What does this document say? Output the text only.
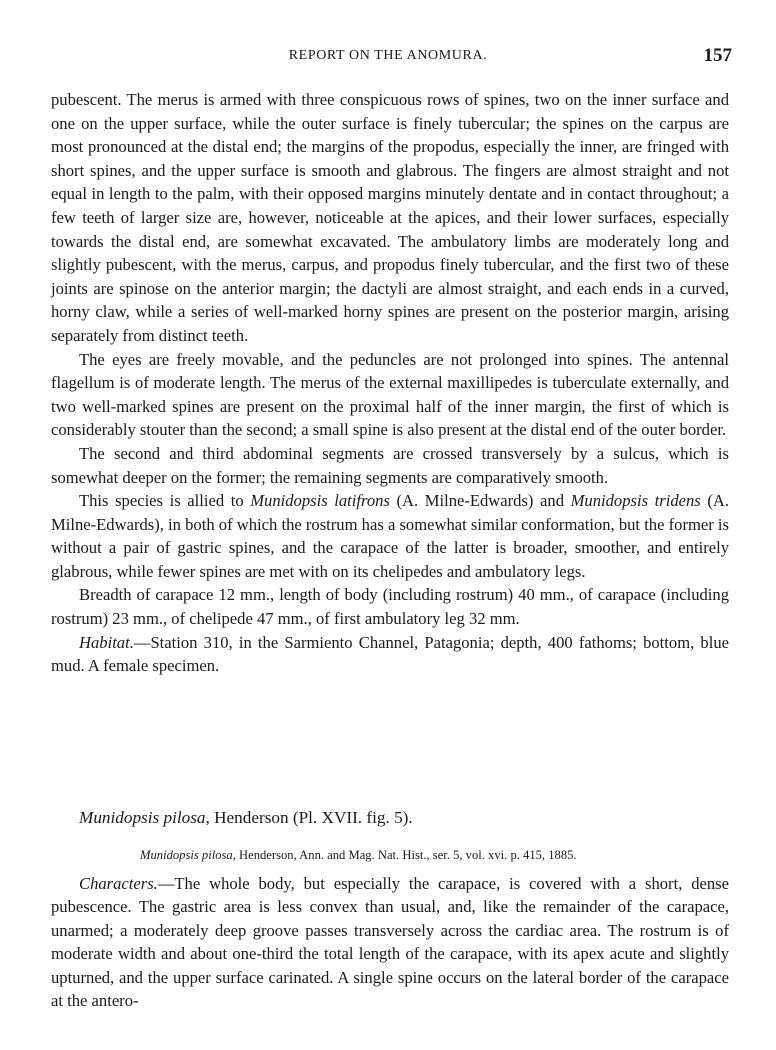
REPORT ON THE ANOMURA.	157

pubescent. The merus is armed with three conspicuous rows of spines, two on the inner surface and one on the upper surface, while the outer surface is finely tubercular; the spines on the carpus are most pronounced at the distal end; the margins of the propodus, especially the inner, are fringed with short spines, and the upper surface is smooth and glabrous. The fingers are almost straight and not equal in length to the palm, with their opposed margins minutely dentate and in contact throughout; a few teeth of larger size are, however, noticeable at the apices, and their lower surfaces, especially towards the distal end, are somewhat excavated. The ambulatory limbs are moderately long and slightly pubescent, with the merus, carpus, and propodus finely tubercular, and the first two of these joints are spinose on the anterior margin; the dactyli are almost straight, and each ends in a curved, horny claw, while a series of well-marked horny spines are present on the posterior margin, arising separately from distinct teeth.

The eyes are freely movable, and the peduncles are not prolonged into spines. The antennal flagellum is of moderate length. The merus of the external maxillipedes is tuberculate externally, and two well-marked spines are present on the proximal half of the inner margin, the first of which is considerably stouter than the second; a small spine is also present at the distal end of the outer border.

The second and third abdominal segments are crossed transversely by a sulcus, which is somewhat deeper on the former; the remaining segments are comparatively smooth.

This species is allied to Munidopsis latifrons (A. Milne-Edwards) and Munidopsis tridens (A. Milne-Edwards), in both of which the rostrum has a somewhat similar conformation, but the former is without a pair of gastric spines, and the carapace of the latter is broader, smoother, and entirely glabrous, while fewer spines are met with on its chelipedes and ambulatory legs.

Breadth of carapace 12 mm., length of body (including rostrum) 40 mm., of carapace (including rostrum) 23 mm., of chelipede 47 mm., of first ambulatory leg 32 mm.

Habitat.—Station 310, in the Sarmiento Channel, Patagonia; depth, 400 fathoms; bottom, blue mud. A female specimen.

Munidopsis pilosa, Henderson (Pl. XVII. fig. 5).
Munidopsis pilosa, Henderson, Ann. and Mag. Nat. Hist., ser. 5, vol. xvi. p. 415, 1885.

Characters.—The whole body, but especially the carapace, is covered with a short, dense pubescence. The gastric area is less convex than usual, and, like the remainder of the carapace, unarmed; a moderately deep groove passes transversely across the cardiac area. The rostrum is of moderate width and about one-third the total length of the carapace, with its apex acute and slightly upturned, and the upper surface carinated. A single spine occurs on the lateral border of the carapace at the antero-
